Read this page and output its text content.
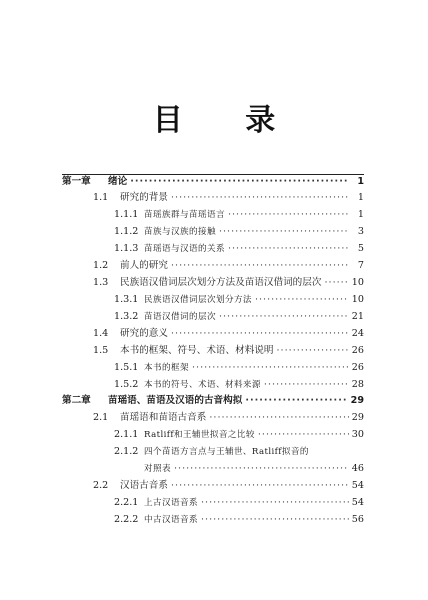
目 录
第一章	绪论 ·····	1
1.1	研究的背景 ·····	1
1.1.1 苗瑶族群与苗瑶语言 ·····	1
1.1.2 苗族与汉族的接触 ·····	3
1.1.3 苗瑶语与汉语的关系 ·····	5
1.2	前人的研究 ·····	7
1.3	民族语汉借词层次划分方法及苗语汉借词的层次 ·····	10
1.3.1 民族语汉借词层次划分方法 ·····	10
1.3.2 苗语汉借词的层次 ·····	21
1.4	研究的意义 ·····	24
1.5	本书的框架、符号、术语、材料说明 ·····	26
1.5.1 本书的框架 ·····	26
1.5.2 本书的符号、术语、材料来源 ·····	28
第二章	苗瑶语、苗语及汉语的古音构拟 ·····	29
2.1	苗瑶语和苗语古音系 ·····	29
2.1.1 Ratliff和王辅世拟音之比较 ·····	30
2.1.2 四个苗语方言点与王辅世、Ratliff拟音的
对照表 ·····	46
2.2	汉语古音系 ·····	54
2.2.1 上古汉语音系 ·····	54
2.2.2 中古汉语音系 ·····	56
